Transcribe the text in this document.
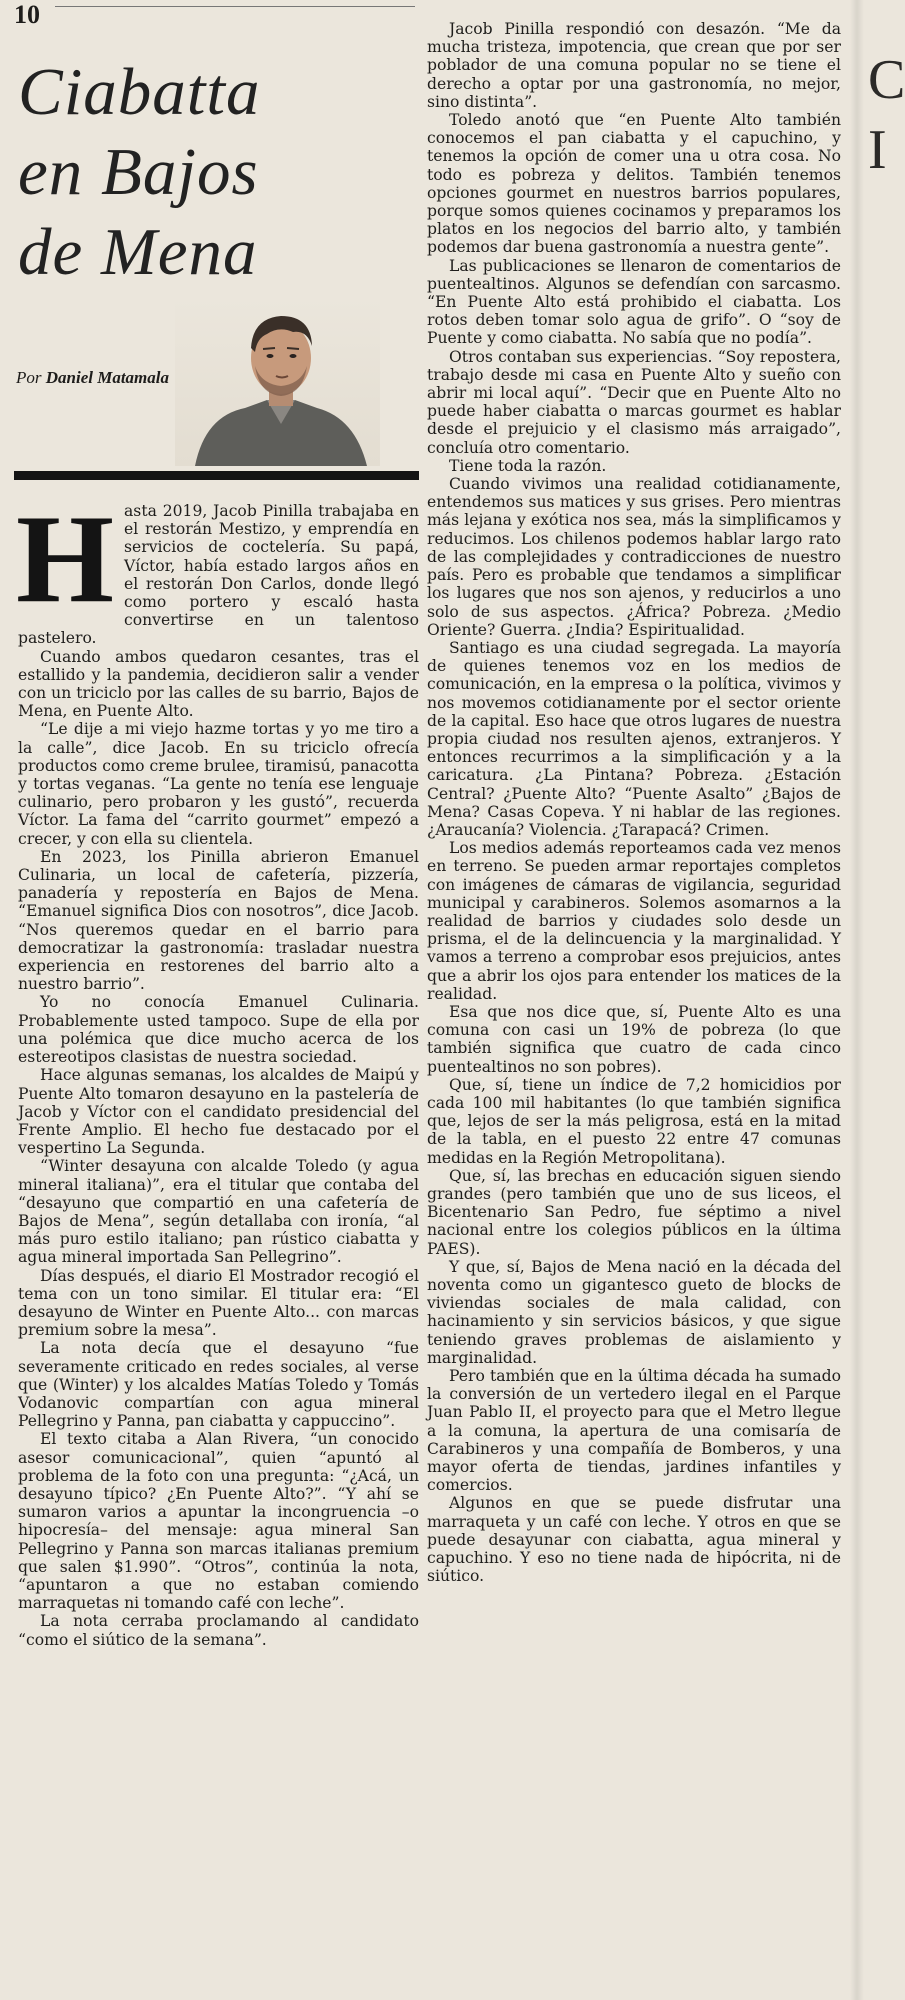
10
Ciabatta
en Bajos
de Mena
Por Daniel Matamala

Hasta 2019, Jacob Pinilla trabajaba en el restorán Mestizo, y emprendía en servicios de coctelería. Su papá, Víctor, había estado largos años en el restorán Don Carlos, donde llegó como portero y escaló hasta convertirse en un talentoso pastelero.

Cuando ambos quedaron cesantes, tras el estallido y la pandemia, decidieron salir a vender con un triciclo por las calles de su barrio, Bajos de Mena, en Puente Alto.

“Le dije a mi viejo hazme tortas y yo me tiro a la calle”, dice Jacob. En su triciclo ofrecía productos como creme brulee, tiramisú, panacotta y tortas veganas. “La gente no tenía ese lenguaje culinario, pero probaron y les gustó”, recuerda Víctor. La fama del “carrito gourmet” empezó a crecer, y con ella su clientela.

En 2023, los Pinilla abrieron Emanuel Culinaria, un local de cafetería, pizzería, panadería y repostería en Bajos de Mena. “Emanuel significa Dios con nosotros”, dice Jacob. “Nos queremos quedar en el barrio para democratizar la gastronomía: trasladar nuestra experiencia en restorenes del barrio alto a nuestro barrio”.

Yo no conocía Emanuel Culinaria. Probablemente usted tampoco. Supe de ella por una polémica que dice mucho acerca de los estereotipos clasistas de nuestra sociedad.

Hace algunas semanas, los alcaldes de Maipú y Puente Alto tomaron desayuno en la pastelería de Jacob y Víctor con el candidato presidencial del Frente Amplio. El hecho fue destacado por el vespertino La Segunda.

“Winter desayuna con alcalde Toledo (y agua mineral italiana)”, era el titular que contaba del “desayuno que compartió en una cafetería de Bajos de Mena”, según detallaba con ironía, “al más puro estilo italiano; pan rústico ciabatta y agua mineral importada San Pellegrino”.

Días después, el diario El Mostrador recogió el tema con un tono similar. El titular era: “El desayuno de Winter en Puente Alto... con marcas premium sobre la mesa”.

La nota decía que el desayuno “fue severamente criticado en redes sociales, al verse que (Winter) y los alcaldes Matías Toledo y Tomás Vodanovic compartían con agua mineral Pellegrino y Panna, pan ciabatta y cappuccino”.

El texto citaba a Alan Rivera, “un conocido asesor comunicacional”, quien “apuntó al problema de la foto con una pregunta: “¿Acá, un desayuno típico? ¿En Puente Alto?”. “Y ahí se sumaron varios a apuntar la incongruencia –o hipocresía– del mensaje: agua mineral San Pellegrino y Panna son marcas italianas premium que salen $1.990”. “Otros”, continúa la nota, “apuntaron a que no estaban comiendo marraquetas ni tomando café con leche”.

La nota cerraba proclamando al candidato “como el siútico de la semana”.

Jacob Pinilla respondió con desazón. “Me da mucha tristeza, impotencia, que crean que por ser poblador de una comuna popular no se tiene el derecho a optar por una gastronomía, no mejor, sino distinta”.

Toledo anotó que “en Puente Alto también conocemos el pan ciabatta y el capuchino, y tenemos la opción de comer una u otra cosa. No todo es pobreza y delitos. También tenemos opciones gourmet en nuestros barrios populares, porque somos quienes cocinamos y preparamos los platos en los negocios del barrio alto, y también podemos dar buena gastronomía a nuestra gente”.

Las publicaciones se llenaron de comentarios de puentealtinos. Algunos se defendían con sarcasmo. “En Puente Alto está prohibido el ciabatta. Los rotos deben tomar solo agua de grifo”. O “soy de Puente y como ciabatta. No sabía que no podía”.

Otros contaban sus experiencias. “Soy repostera, trabajo desde mi casa en Puente Alto y sueño con abrir mi local aquí”. “Decir que en Puente Alto no puede haber ciabatta o marcas gourmet es hablar desde el prejuicio y el clasismo más arraigado”, concluía otro comentario.

Tiene toda la razón.

Cuando vivimos una realidad cotidianamente, entendemos sus matices y sus grises. Pero mientras más lejana y exótica nos sea, más la simplificamos y reducimos. Los chilenos podemos hablar largo rato de las complejidades y contradicciones de nuestro país. Pero es probable que tendamos a simplificar los lugares que nos son ajenos, y reducirlos a uno solo de sus aspectos. ¿África? Pobreza. ¿Medio Oriente? Guerra. ¿India? Espiritualidad.

Santiago es una ciudad segregada. La mayoría de quienes tenemos voz en los medios de comunicación, en la empresa o la política, vivimos y nos movemos cotidianamente por el sector oriente de la capital. Eso hace que otros lugares de nuestra propia ciudad nos resulten ajenos, extranjeros. Y entonces recurrimos a la simplificación y a la caricatura. ¿La Pintana? Pobreza. ¿Estación Central? ¿Puente Alto? “Puente Asalto” ¿Bajos de Mena? Casas Copeva. Y ni hablar de las regiones. ¿Araucanía? Violencia. ¿Tarapacá? Crimen.

Los medios además reporteamos cada vez menos en terreno. Se pueden armar reportajes completos con imágenes de cámaras de vigilancia, seguridad municipal y carabineros. Solemos asomarnos a la realidad de barrios y ciudades solo desde un prisma, el de la delincuencia y la marginalidad. Y vamos a terreno a comprobar esos prejuicios, antes que a abrir los ojos para entender los matices de la realidad.

Esa que nos dice que, sí, Puente Alto es una comuna con casi un 19% de pobreza (lo que también significa que cuatro de cada cinco puentealtinos no son pobres).

Que, sí, tiene un índice de 7,2 homicidios por cada 100 mil habitantes (lo que también significa que, lejos de ser la más peligrosa, está en la mitad de la tabla, en el puesto 22 entre 47 comunas medidas en la Región Metropolitana).

Que, sí, las brechas en educación siguen siendo grandes (pero también que uno de sus liceos, el Bicentenario San Pedro, fue séptimo a nivel nacional entre los colegios públicos en la última PAES).

Y que, sí, Bajos de Mena nació en la década del noventa como un gigantesco gueto de blocks de viviendas sociales de mala calidad, con hacinamiento y sin servicios básicos, y que sigue teniendo graves problemas de aislamiento y marginalidad.

Pero también que en la última década ha sumado la conversión de un vertedero ilegal en el Parque Juan Pablo II, el proyecto para que el Metro llegue a la comuna, la apertura de una comisaría de Carabineros y una compañía de Bomberos, y una mayor oferta de tiendas, jardines infantiles y comercios.

Algunos en que se puede disfrutar una marraqueta y un café con leche. Y otros en que se puede desayunar con ciabatta, agua mineral y capuchino. Y eso no tiene nada de hipócrita, ni de siútico.

C
I
